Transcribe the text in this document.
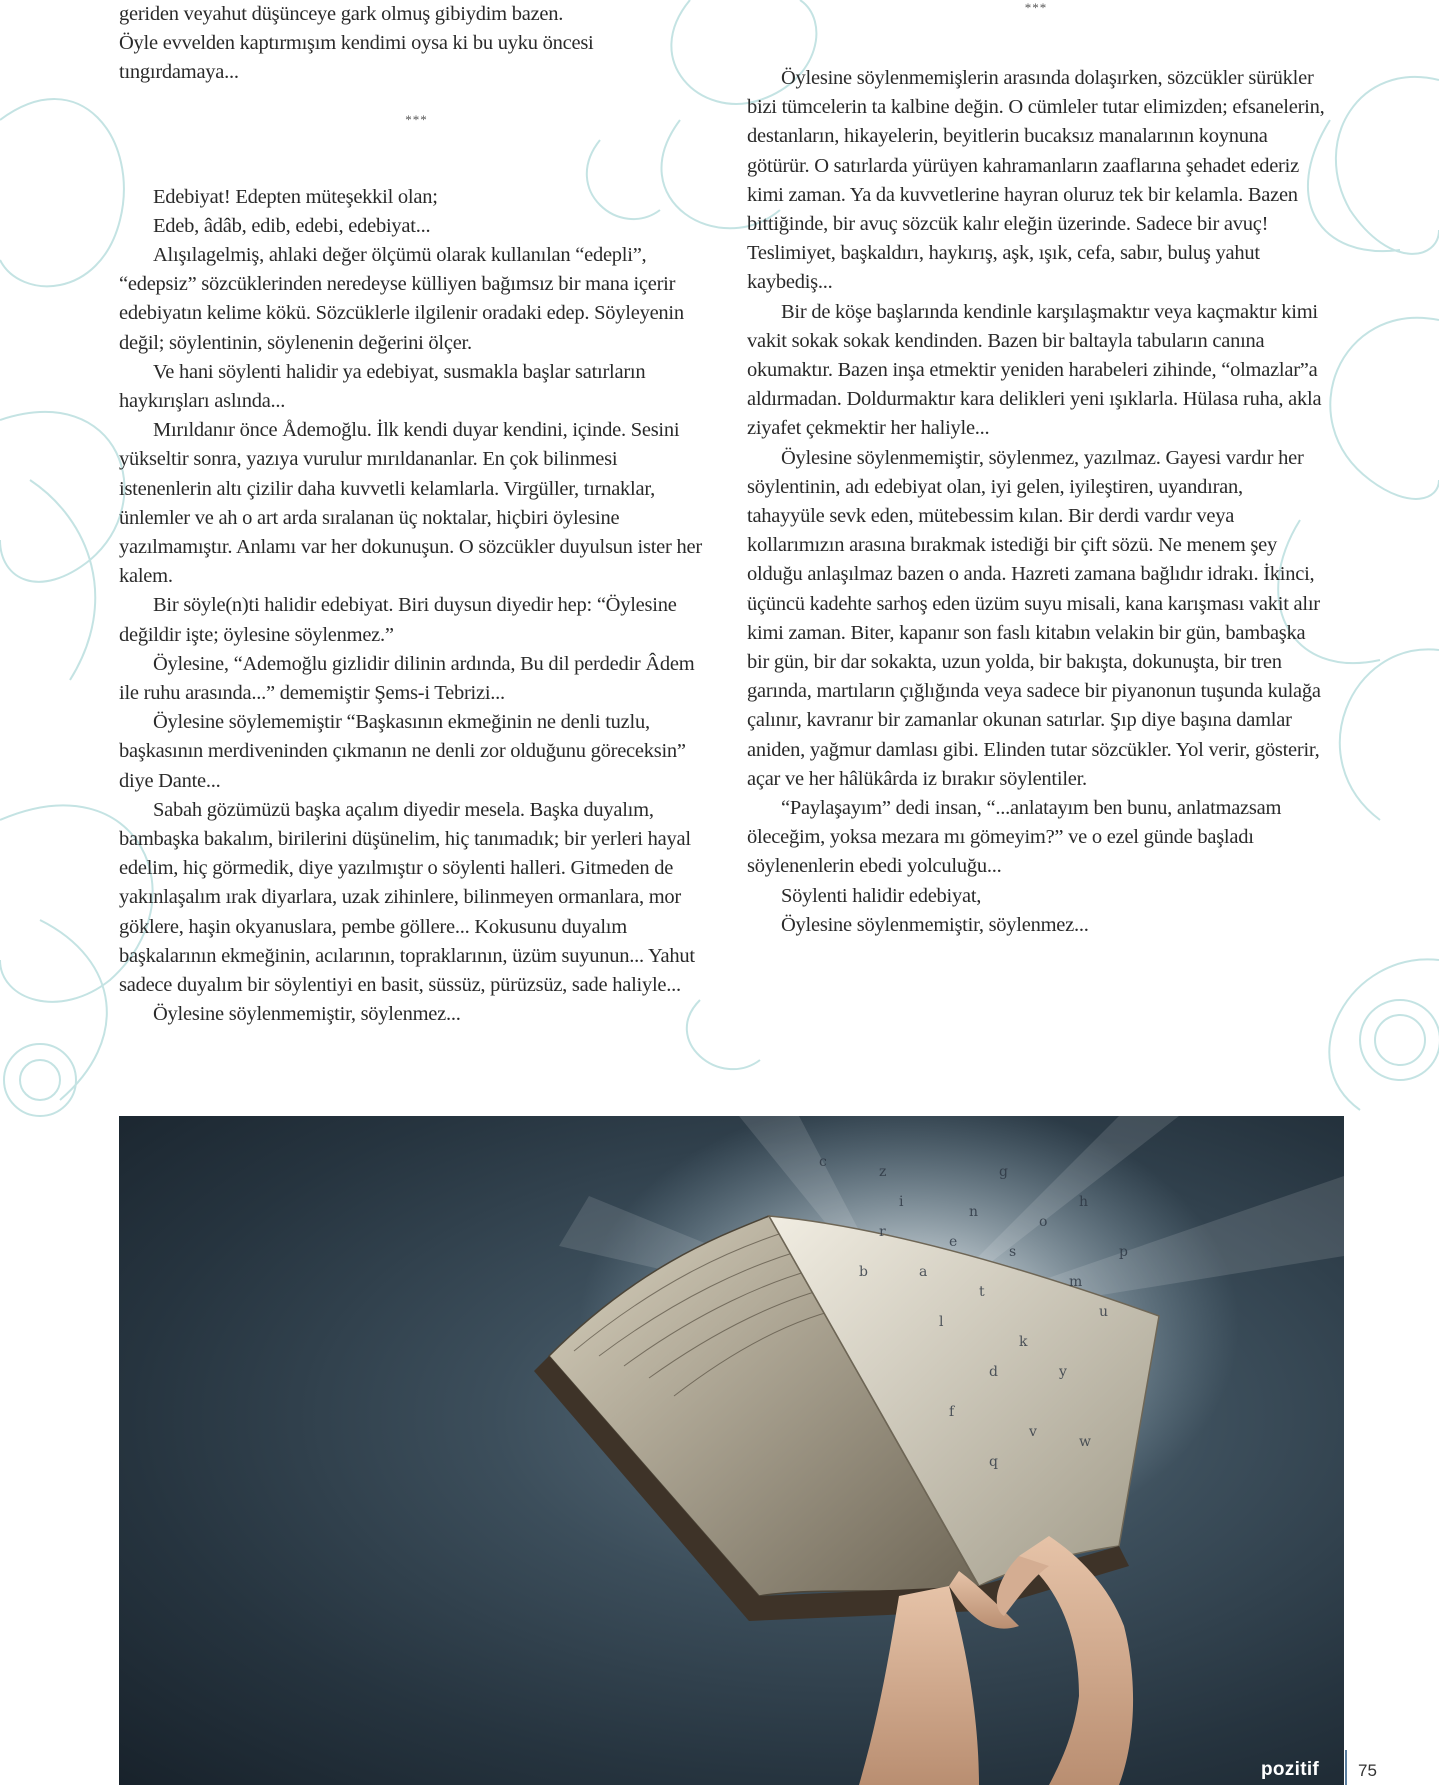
geriden veyahut düşünceye gark olmuş gibiydim bazen.

Öyle evvelden kaptırmışım kendimi oysa ki bu uyku öncesi

tıngırdamaya...

***

Edebiyat! Edepten müteşekkil olan;

Edeb, âdâb, edib, edebi, edebiyat...

Alışılagelmiş, ahlaki değer ölçümü olarak kullanılan “edepli”, “edepsiz” sözcüklerinden neredeyse külliyen bağımsız bir mana içerir edebiyatın kelime kökü. Sözcüklerle ilgilenir oradaki edep. Söyleyenin değil; söylentinin, söylenenin değerini ölçer.

Ve hani söylenti halidir ya edebiyat, susmakla başlar satırların haykırışları aslında...

Mırıldanır önce Ådemoğlu. İlk kendi duyar kendini, içinde. Sesini yükseltir sonra, yazıya vurulur mırıldananlar. En çok bilinmesi istenenlerin altı çizilir daha kuvvetli kelamlarla. Virgüller, tırnaklar, ünlemler ve ah o art arda sıralanan üç noktalar, hiçbiri öylesine yazılmamıştır. Anlamı var her dokunuşun. O sözcükler duyulsun ister her kalem.

Bir söyle(n)ti halidir edebiyat. Biri duysun diyedir hep: “Öylesine değildir işte; öylesine söylenmez.”

Öylesine, “Ademoğlu gizlidir dilinin ardında, Bu dil perdedir Âdem ile ruhu arasında...” dememiştir Şems-i Tebrizi...

Öylesine söylememiştir “Başkasının ekmeğinin ne denli tuzlu, başkasının merdiveninden çıkmanın ne denli zor olduğunu göreceksin” diye Dante...

Sabah gözümüzü başka açalım diyedir mesela. Başka duyalım, bambaşka bakalım, birilerini düşünelim, hiç tanımadık; bir yerleri hayal edelim, hiç görmedik, diye yazılmıştır o söylenti halleri. Gitmeden de yakınlaşalım ırak diyarlara, uzak zihinlere, bilinmeyen ormanlara, mor göklere, haşin okyanuslara, pembe göllere... Kokusunu duyalım başkalarının ekmeğinin, acılarının, topraklarının, üzüm suyunun... Yahut sadece duyalım bir söylentiyi en basit, süssüz, pürüzsüz, sade haliyle...

Öylesine söylenmemiştir, söylenmez...

***

Öylesine söylenmemişlerin arasında dolaşırken, sözcükler sürükler bizi tümcelerin ta kalbine değin. O cümleler tutar elimizden; efsanelerin, destanların, hikayelerin, beyitlerin bucaksız manalarının koynuna götürür. O satırlarda yürüyen kahramanların zaaflarına şehadet ederiz kimi zaman. Ya da kuvvetlerine hayran oluruz tek bir kelamla. Bazen bittiğinde, bir avuç sözcük kalır eleğin üzerinde. Sadece bir avuç! Teslimiyet, başkaldırı, haykırış, aşk, ışık, cefa, sabır, buluş yahut kaybediş...

Bir de köşe başlarında kendinle karşılaşmaktır veya kaçmaktır kimi vakit sokak sokak kendinden. Bazen bir baltayla tabuların canına okumaktır. Bazen inşa etmektir yeniden harabeleri zihinde, “olmazlar”a aldırmadan. Doldurmaktır kara delikleri yeni ışıklarla. Hülasa ruha, akla ziyafet çekmektir her haliyle...

Öylesine söylenmemiştir, söylenmez, yazılmaz. Gayesi vardır her söylentinin, adı edebiyat olan, iyi gelen, iyileştiren, uyandıran, tahayyüle sevk eden, mütebessim kılan. Bir derdi vardır veya kollarımızın arasına bırakmak istediği bir çift sözü. Ne menem şey olduğu anlaşılmaz bazen o anda. Hazreti zamana bağlıdır idrakı. İkinci, üçüncü kadehte sarhoş eden üzüm suyu misali, kana karışması vakit alır kimi zaman. Biter, kapanır son faslı kitabın velakin bir gün, bambaşka bir gün, bir dar sokakta, uzun yolda, bir bakışta, dokunuşta, bir tren garında, martıların çığlığında veya sadece bir piyanonun tuşunda kulağa çalınır, kavranır bir zamanlar okunan satırlar. Şıp diye başına damlar aniden, yağmur damlası gibi. Elinden tutar sözcükler. Yol verir, gösterir, açar ve her hâlükârda iz bırakır söylentiler.

“Paylaşayım” dedi insan, “...anlatayım ben bunu, anlatmazsam öleceğim, yoksa mezara mı gömeyim?” ve o ezel günde başladı söylenenlerin ebedi yolculuğu...

Söylenti halidir edebiyat,

Öylesine söylenmemiştir, söylenmez...

a
e
r
t
s
o
n
i
m
l
k
d	y
u
b
z
c
g
h
p
f
v
w
q
pozitif 75
